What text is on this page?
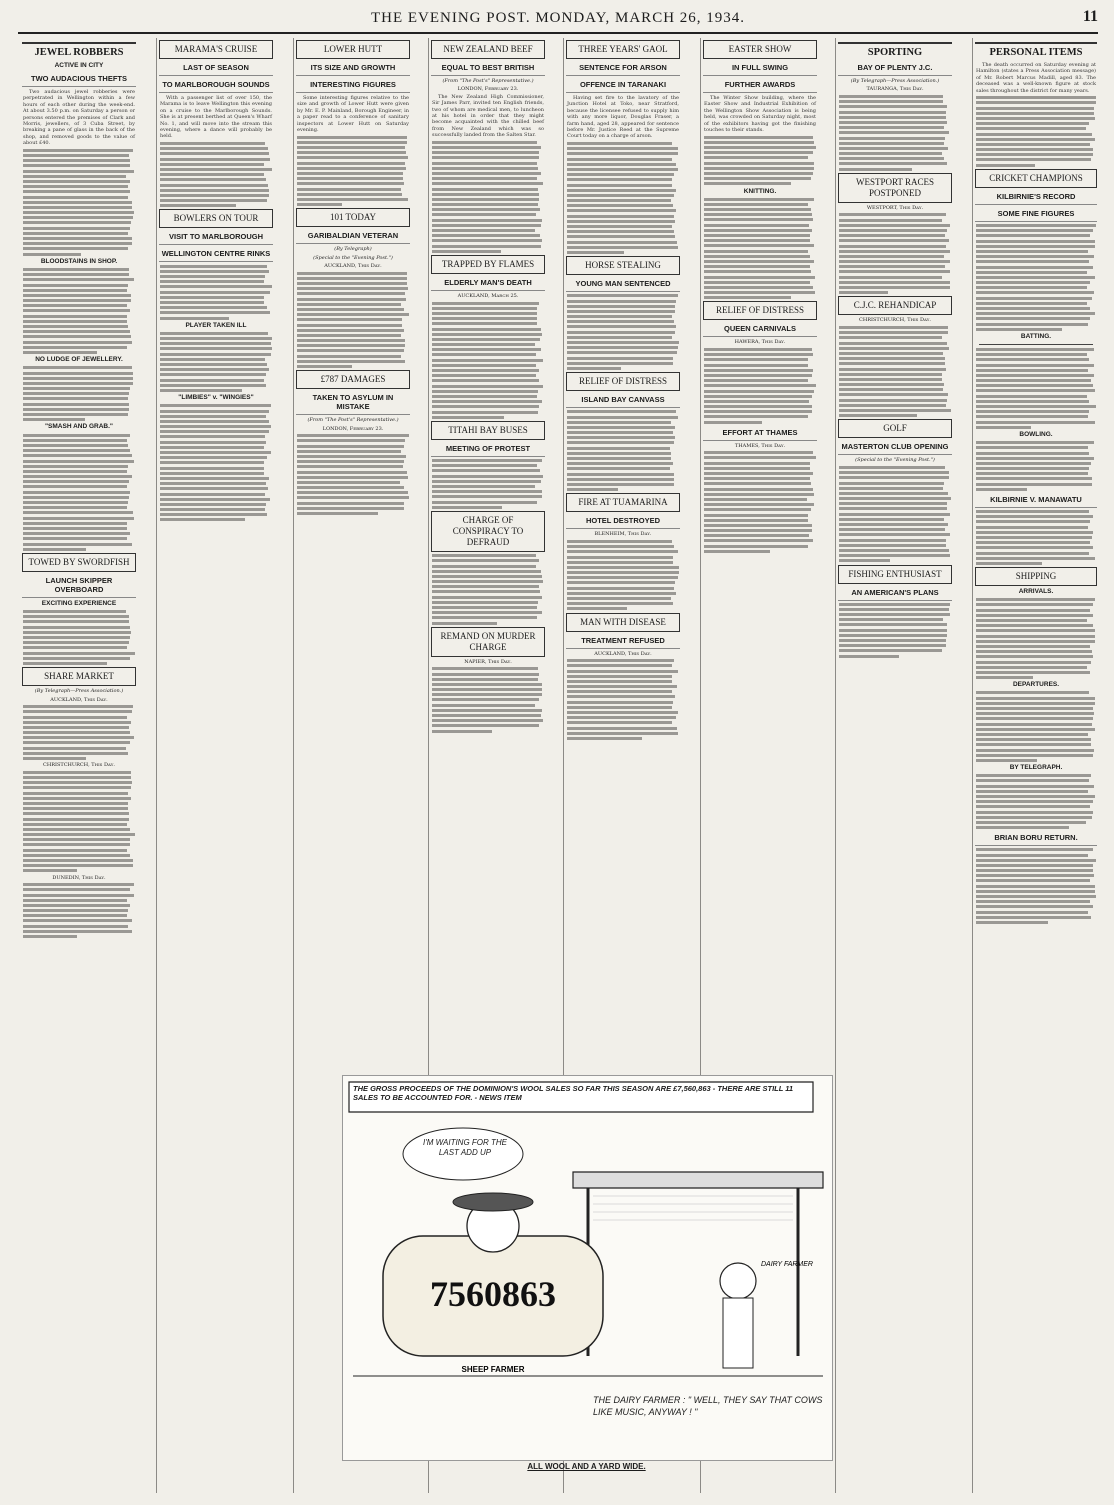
THE EVENING POST. MONDAY, MARCH 26, 1934.	11
JEWEL ROBBERS
ACTIVE IN CITY
TWO AUDACIOUS THEFTS

Two audacious jewel robberies were perpetrated in Wellington within a few hours of each other during the week-end. At about 3.50 p.m. on Saturday a person or persons entered the premises of Clark and Morris, jewellers, of 3 Cuba Street, by breaking a pane of glass in the back of the shop, and removed goods to the value of about £40.

BLOODSTAINS IN SHOP.

NO LUDGE OF JEWELLERY.

"SMASH AND GRAB."

TOWED BY SWORDFISH
LAUNCH SKIPPER OVERBOARD
EXCITING EXPERIENCE

SHARE MARKET
(By Telegraph—Press Association.)
AUCKLAND, This Day.

CHRISTCHURCH, This Day.

DUNEDIN, This Day.

MARAMA'S CRUISE
LAST OF SEASON
TO MARLBOROUGH SOUNDS

With a passenger list of over 150, the Marama is to leave Wellington this evening on a cruise to the Marlborough Sounds. She is at present berthed at Queen's Wharf No. 1, and will move into the stream this evening, where a dance will probably be held.

BOWLERS ON TOUR
VISIT TO MARLBOROUGH
WELLINGTON CENTRE RINKS

PLAYER TAKEN ILL

"LIMBIES" v. "WINGIES"

LOWER HUTT
ITS SIZE AND GROWTH
INTERESTING FIGURES

Some interesting figures relative to the size and growth of Lower Hutt were given by Mr. E. P. Mainland, Borough Engineer, in a paper read to a conference of sanitary inspectors at Lower Hutt on Saturday evening.

101 TODAY
GARIBALDIAN VETERAN
(By Telegraph)
(Special to the "Evening Post.")
AUCKLAND, This Day.

£787 DAMAGES
TAKEN TO ASYLUM IN MISTAKE
(From "The Post's" Representative.)
LONDON, February 23.

NEW ZEALAND BEEF
EQUAL TO BEST BRITISH
(From "The Post's" Representative.)
LONDON, February 23.

The New Zealand High Commissioner, Sir James Parr, invited ten English friends, two of whom are medical men, to luncheon at his hotel in order that they might become acquainted with the chilled beef from New Zealand which was so successfully landed from the Salten Star.

TRAPPED BY FLAMES
ELDERLY MAN'S DEATH
AUCKLAND, March 25.

TITAHI BAY BUSES
MEETING OF PROTEST

CHARGE OF CONSPIRACY TO DEFRAUD

REMAND ON MURDER CHARGE
NAPIER, This Day.

THREE YEARS' GAOL
SENTENCE FOR ARSON
OFFENCE IN TARANAKI

Having set fire to the lavatory of the Junction Hotel at Toko, near Stratford, because the licensee refused to supply him with any more liquor, Douglas Fraser, a farm hand, aged 28, appeared for sentence before Mr. Justice Reed at the Supreme Court today on a charge of arson.

HORSE STEALING
YOUNG MAN SENTENCED

RELIEF OF DISTRESS
ISLAND BAY CANVASS

FIRE AT TUAMARINA
HOTEL DESTROYED
BLENHEIM, This Day.

MAN WITH DISEASE
TREATMENT REFUSED
AUCKLAND, This Day.

EASTER SHOW
IN FULL SWING
FURTHER AWARDS

The Winter Show building, where the Easter Show and Industrial Exhibition of the Wellington Show Association is being held, was crowded on Saturday night, most of the exhibitors having got the finishing touches to their stands.

KNITTING.

RELIEF OF DISTRESS
QUEEN CARNIVALS
HAWERA, This Day.

EFFORT AT THAMES
THAMES, This Day.

SPORTING
BAY OF PLENTY J.C.
(By Telegraph—Press Association.)
TAURANGA, This Day.

WESTPORT RACES POSTPONED
WESTPORT, This Day.

C.J.C. REHANDICAP
CHRISTCHURCH, This Day.

GOLF
MASTERTON CLUB OPENING
(Special to the "Evening Post.")

FISHING ENTHUSIAST
AN AMERICAN'S PLANS

PERSONAL ITEMS

The death occurred on Saturday evening at Hamilton (states a Press Association message) of Mr. Robert Marcus Madill, aged 83. The deceased was a well-known figure at stock sales throughout the district for many years.

CRICKET CHAMPIONS
KILBIRNIE'S RECORD
SOME FINE FIGURES

BATTING.

BOWLING.

KILBIRNIE V. MANAWATU

SHIPPING
ARRIVALS.

DEPARTURES.

BY TELEGRAPH.

BRIAN BORU RETURN.

THE GROSS PROCEEDS OF THE DOMINION'S WOOL SALES SO FAR THIS SEASON ARE £7,560,863 - THERE ARE STILL 11 SALES TO BE ACCOUNTED FOR. - NEWS ITEM
I'M WAITING FOR THE LAST ADD UP
7560863
SHEEP FARMER
DAIRY FARMER
THE DAIRY FARMER : " WELL, THEY SAY THAT COWS LIKE MUSIC, ANYWAY ! "
ALL WOOL AND A YARD WIDE.
